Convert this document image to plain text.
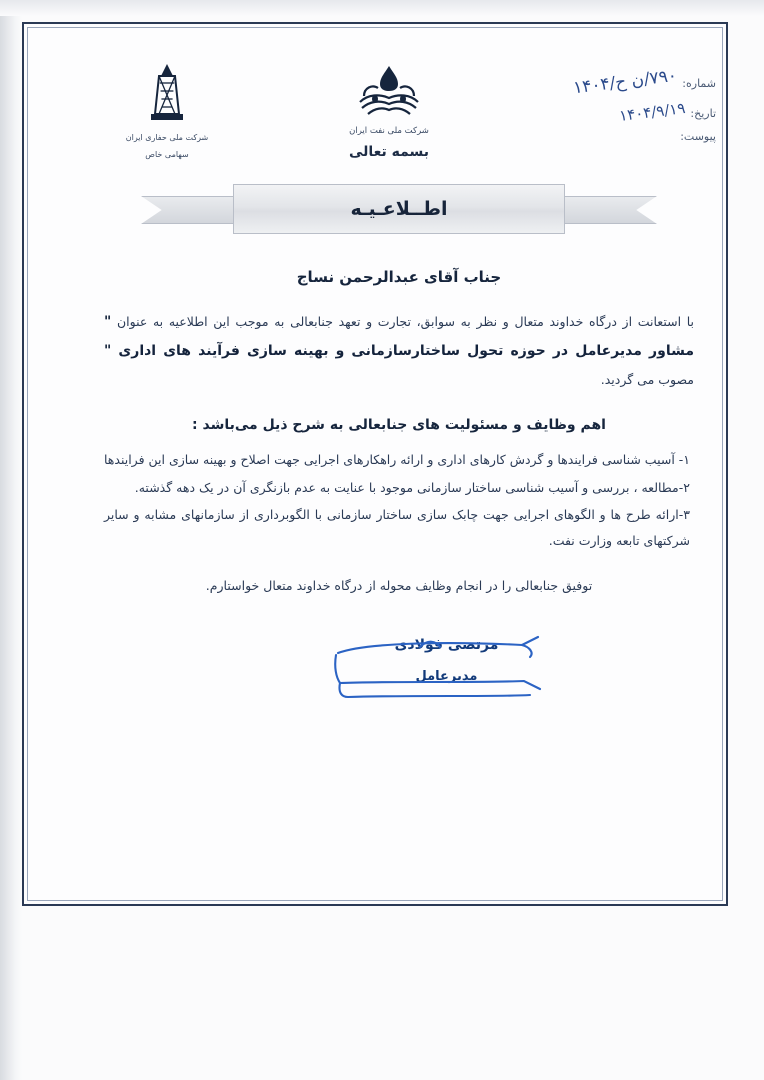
شماره:
۷۹۰/ن ح/۱۴۰۴
تاریخ:
۱۴۰۴/۹/۱۹
پیوست:
شرکت ملی نفت ایران
بسمه تعالی
شرکت ملی حفاری ایران
سهامی خاص
اطــلاعـیـه
جناب آقای عبدالرحمن نساج

با استعانت از درگاه خداوند متعال و نظر به سوابق، تجارت و تعهد جنابعالی به موجب این اطلاعیه به عنوان " مشاور مدیرعامل در حوزه تحول ساختارسازمانی و بهینه سازی فرآیند های اداری " مصوب می گردید.

اهم وظایف و مسئولیت های جنابعالی به شرح ذیل می‌باشد :
۱- آسیب شناسی فرایندها و گردش کارهای اداری و ارائه راهکارهای اجرایی جهت اصلاح و بهینه سازی این فرایندها
۲-مطالعه ، بررسی و آسیب شناسی ساختار سازمانی موجود با عنایت به عدم بازنگری آن در یک دهه گذشته.
۳-ارائه طرح ها و الگوهای اجرایی جهت چابک سازی ساختار سازمانی با الگوبرداری از سازمانهای مشابه و سایر شرکتهای تابعه وزارت نفت.
توفیق جنابعالی را در انجام وظایف محوله از درگاه خداوند متعال خواستارم.
مرتضی فولادی
مدیرعامل
